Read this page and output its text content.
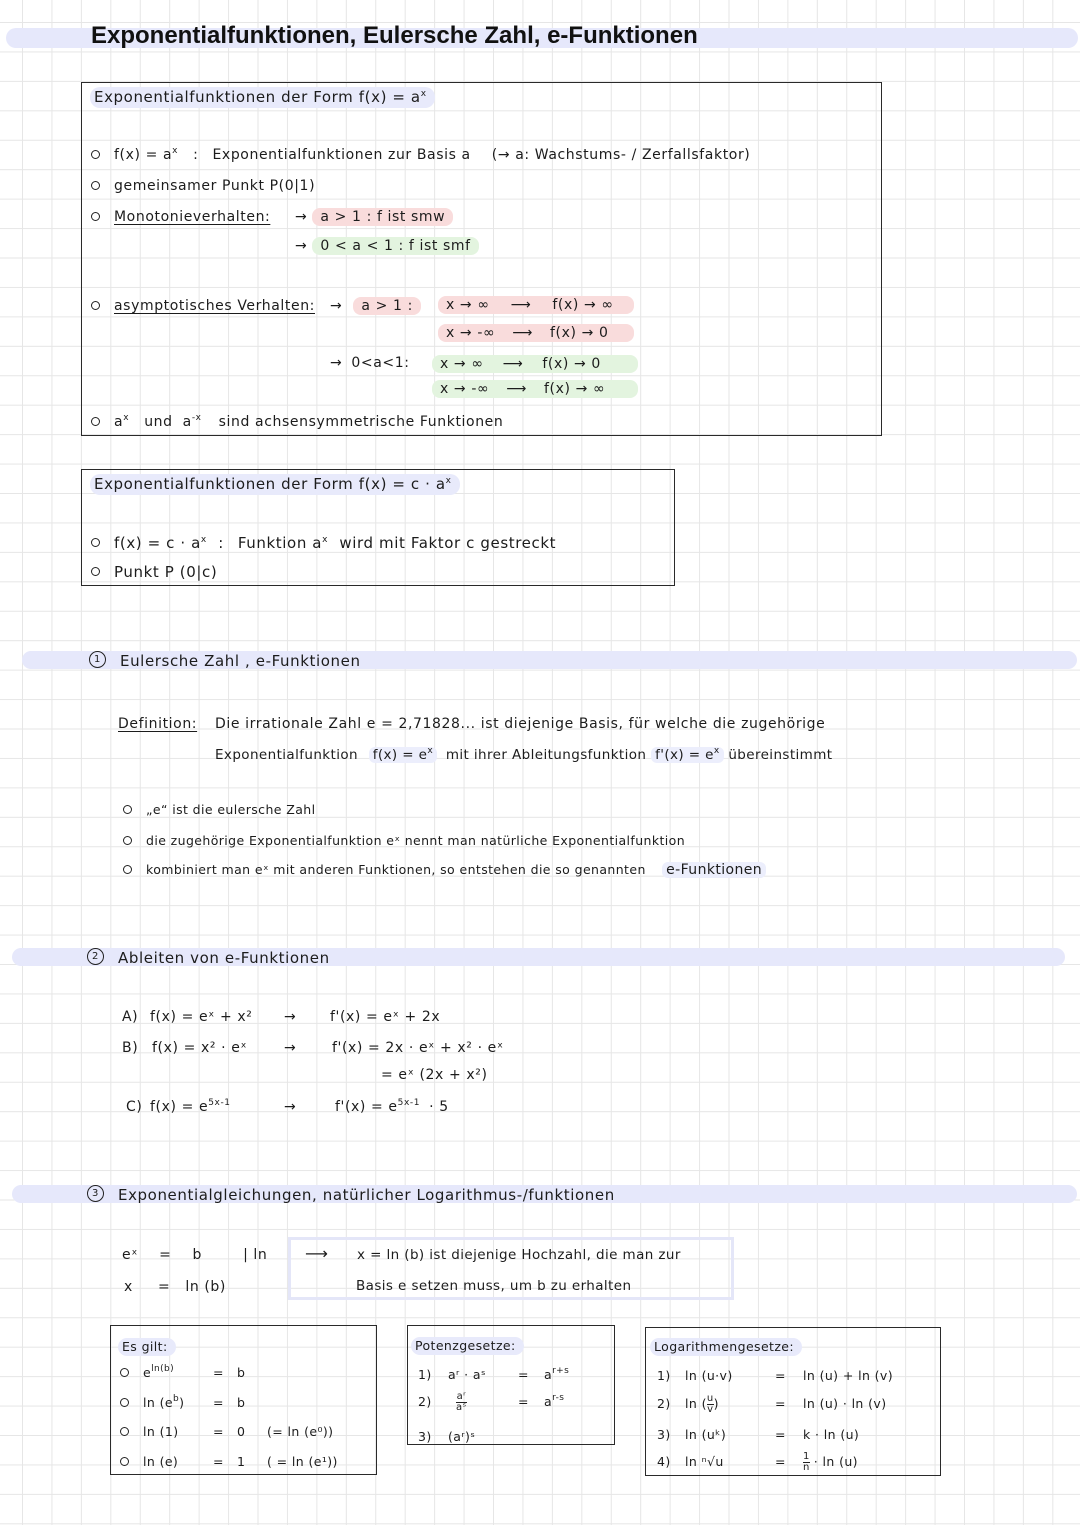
Exponentialfunktionen, Eulersche Zahl, e-Funktionen
Exponentialfunktionen der Form $f(x) = a^x$
$f(x) = a^x$ : Exponentialfunktionen zur Basis a (→ a: Wachstums- / Zerfallsfaktor)
gemeinsamer Punkt P(0|1)
Monotonieverhalten: → a > 1 : f ist smw
→ 0 < a < 1 : f ist smf
asymptotisches Verhalten: → a > 1 :	x → ∞ ⟶ f(x) → ∞
x → -∞ ⟶ f(x) → 0
→ 0<a<1:	x → ∞ ⟶ f(x) → 0
x → -∞ ⟶ f(x) → ∞
$a^x$ und $a^{-x}$ sind achsensymmetrische Funktionen
Exponentialfunktionen der Form $f(x) = c \cdot a^x$
$f(x) = c \cdot a^x$ : Funktion $a^x$ wird mit Faktor c gestreckt
Punkt P (0|c)
1 Eulersche Zahl , e-Funktionen
Definition: Die irrationale Zahl e = 2,71828... ist diejenige Basis, für welche die zugehörige
Exponentialfunktion $f(x) = e^x$ mit ihrer Ableitungsfunktion $f'(x) = e^x$ übereinstimmt
„e“ ist die eulersche Zahl
die zugehörige Exponentialfunktion eˣ nennt man natürliche Exponentialfunktion
kombiniert man eˣ mit anderen Funktionen, so entstehen die so genannten e-Funktionen
2 Ableiten von e-Funktionen
A) f(x) = eˣ + x² → f'(x) = eˣ + 2x
B) f(x) = x² · eˣ	→	f'(x) = 2x · eˣ + x² · eˣ
= eˣ (2x + x²)
C) $f(x) = e^{5x-1}$	→	$f'(x) = e^{5x-1} \cdot 5$
3 Exponentialgleichungen, natürlicher Logarithmus-/funktionen
eˣ = b	| ln
x = ln (b)
⟶ x = ln (b) ist diejenige Hochzahl, die man zur
Basis e setzen muss, um b zu erhalten
Es gilt:
$e^{ln(b)}$	= b
$\ln (e^b) = b$
ln (1)	= 0 (= ln (e⁰))
ln (e)	= 1 ( = ln (e¹))
Potenzgesetze:
1) aʳ · aˢ	= $a^{r+s}$
$2) \frac{\text{aʳ}}{\text{aˢ}}$	= $a^{r-s}$
3) (aʳ)ˢ
Logarithmengesetze:
1) ln (u·v)	= ln (u) + ln (v)
2) ln ( $\frac{u}{v}$ )	= ln (u) · ln (v)
3) ln (uᵏ)	= k · ln (u)
4) ln ⁿ√u	= $\frac{1}{n} \cdot \ln (u)$
